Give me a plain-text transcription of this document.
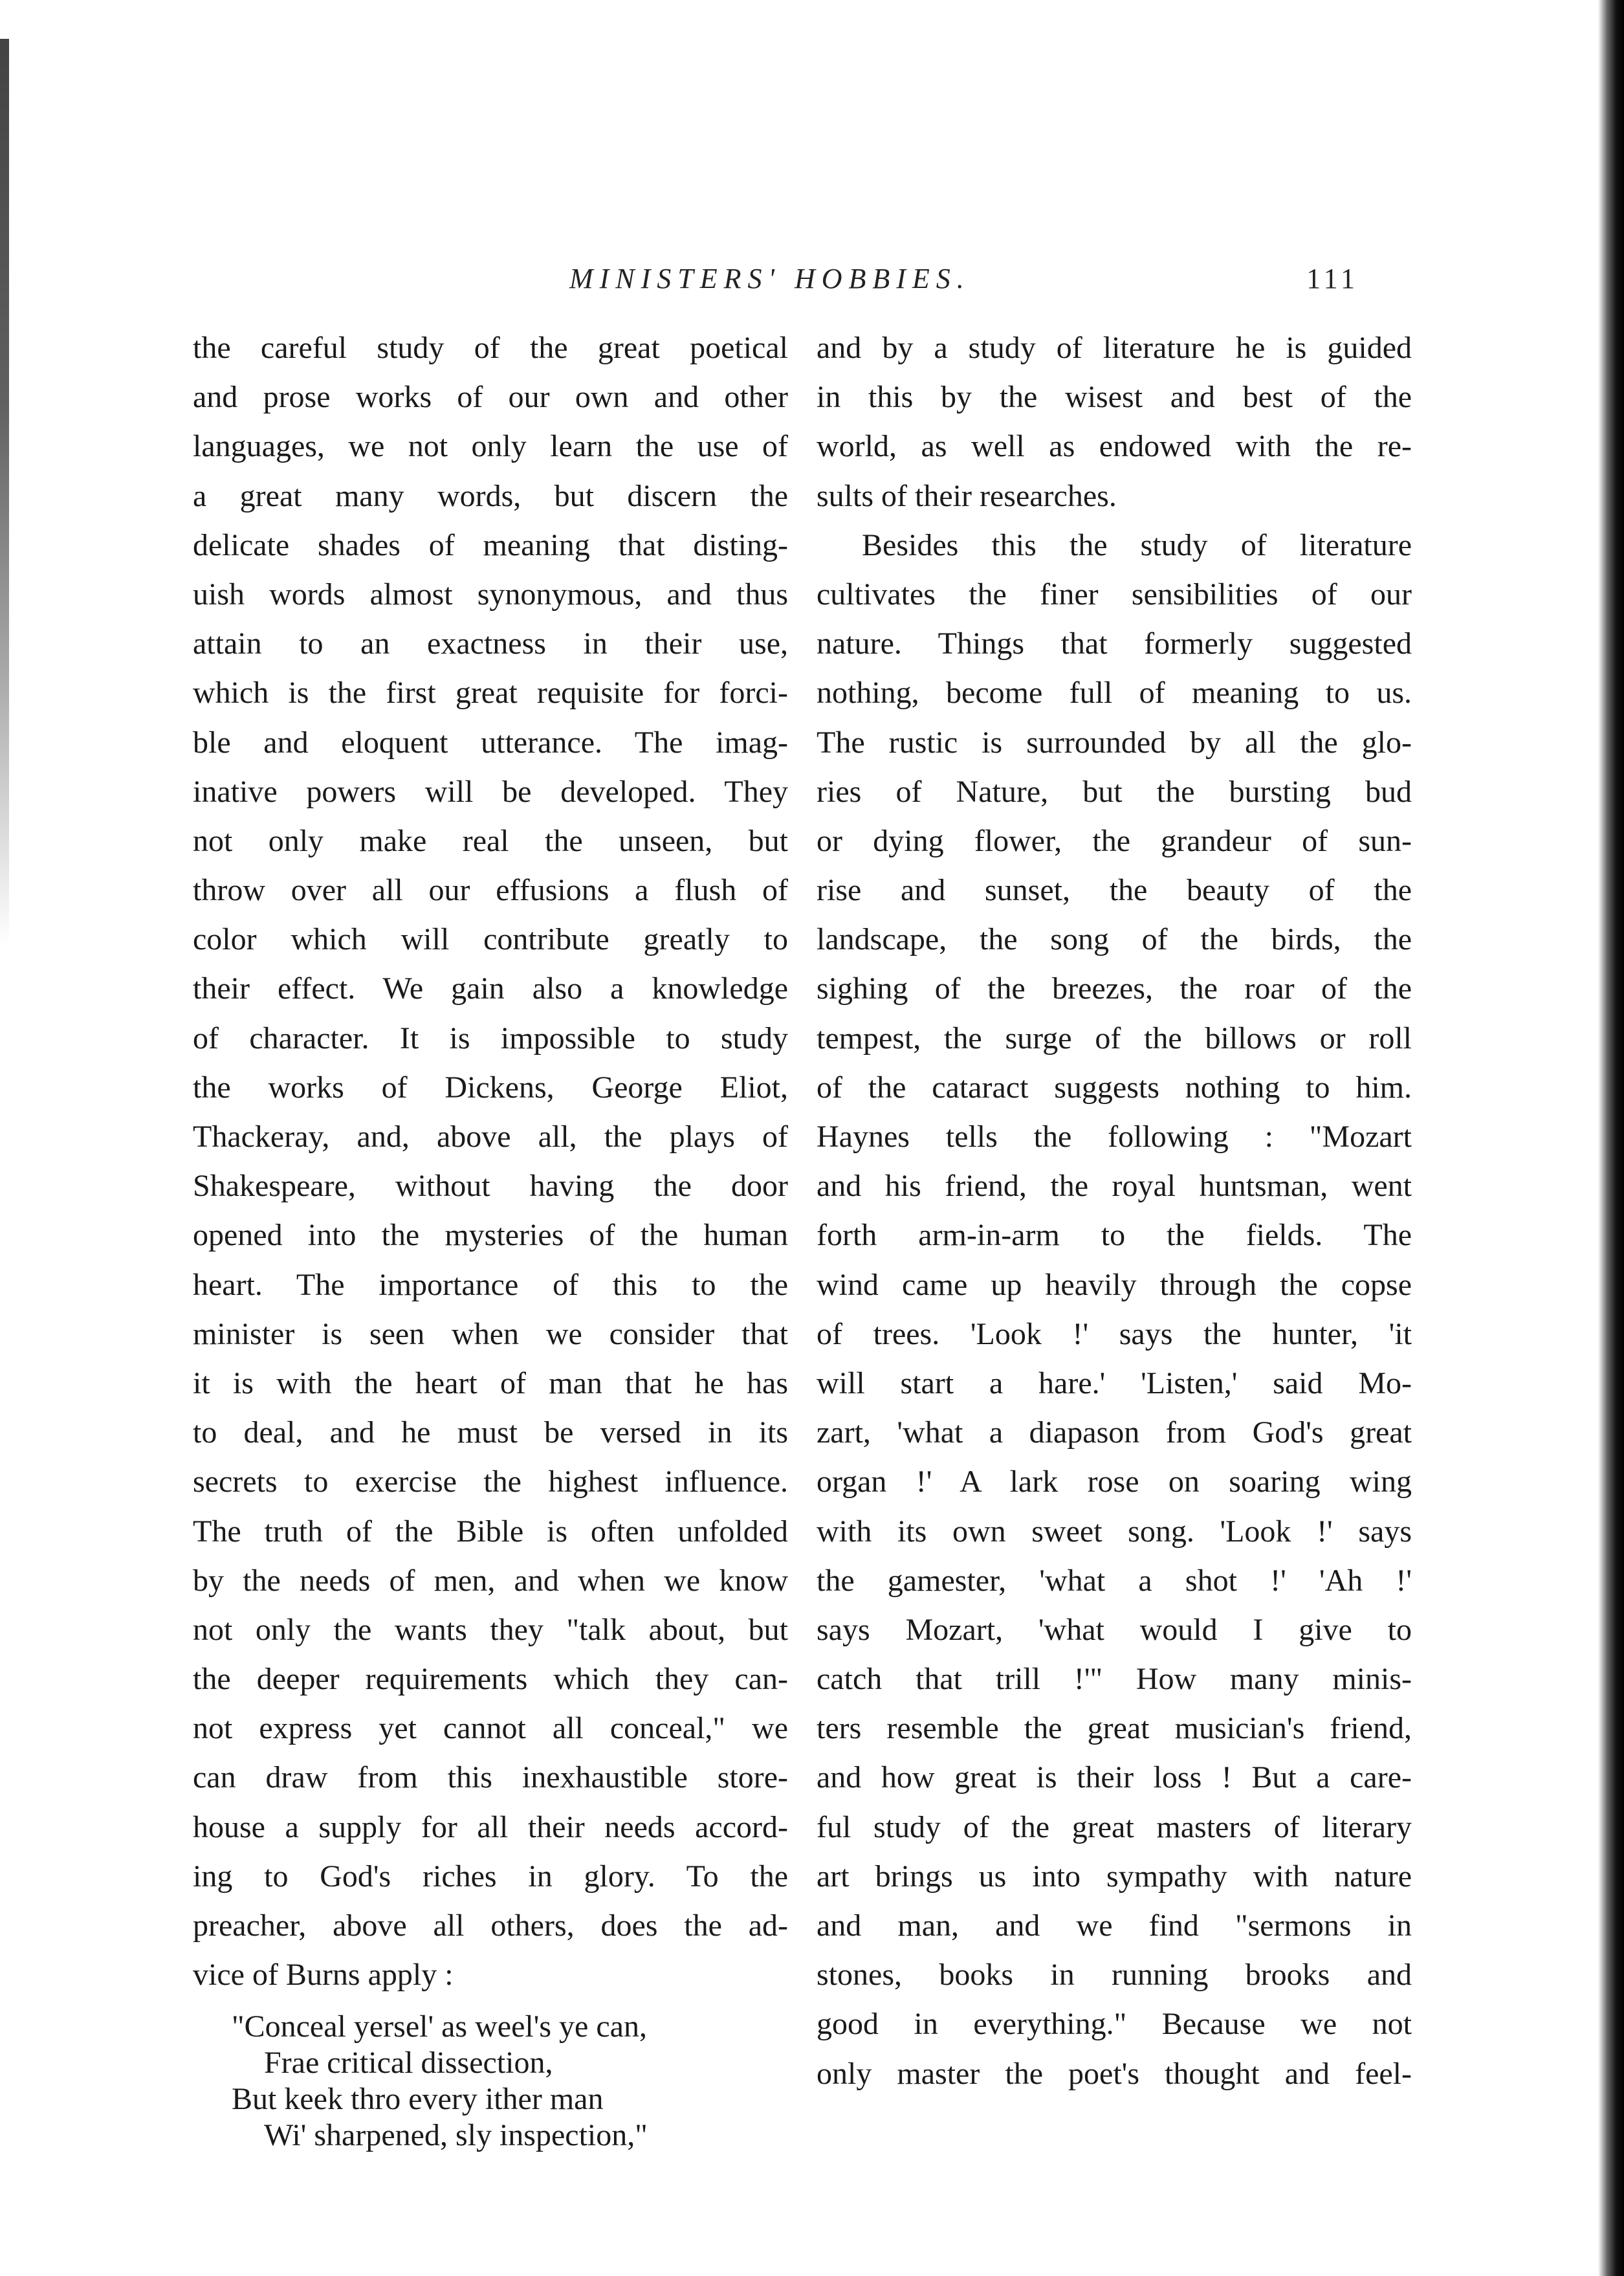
MINISTERS' HOBBIES.	111
the careful study of the great poetical
and prose works of our own and other
languages, we not only learn the use of
a great many words, but discern the
delicate shades of meaning that disting-
uish words almost synonymous, and thus
attain to an exactness in their use,
which is the first great requisite for forci-
ble and eloquent utterance. The imag-
inative powers will be developed. They
not only make real the unseen, but
throw over all our effusions a flush of
color which will contribute greatly to
their effect. We gain also a knowledge
of character. It is impossible to study
the works of Dickens, George Eliot,
Thackeray, and, above all, the plays of
Shakespeare, without having the door
opened into the mysteries of the human
heart. The importance of this to the
minister is seen when we consider that
it is with the heart of man that he has
to deal, and he must be versed in its
secrets to exercise the highest influence.
The truth of the Bible is often unfolded
by the needs of men, and when we know
not only the wants they "talk about, but
the deeper requirements which they can-
not express yet cannot all conceal," we
can draw from this inexhaustible store-
house a supply for all their needs accord-
ing to God's riches in glory. To the
preacher, above all others, does the ad-
vice of Burns apply :
"Conceal yersel' as weel's ye can,
Frae critical dissection,
But keek thro every ither man
Wi' sharpened, sly inspection,"
and by a study of literature he is guided
in this by the wisest and best of the
world, as well as endowed with the re-
sults of their researches.
Besides this the study of literature
cultivates the finer sensibilities of our
nature. Things that formerly suggested
nothing, become full of meaning to us.
The rustic is surrounded by all the glo-
ries of Nature, but the bursting bud
or dying flower, the grandeur of sun-
rise and sunset, the beauty of the
landscape, the song of the birds, the
sighing of the breezes, the roar of the
tempest, the surge of the billows or roll
of the cataract suggests nothing to him.
Haynes tells the following : "Mozart
and his friend, the royal huntsman, went
forth arm-in-arm to the fields. The
wind came up heavily through the copse
of trees. 'Look !' says the hunter, 'it
will start a hare.' 'Listen,' said Mo-
zart, 'what a diapason from God's great
organ !' A lark rose on soaring wing
with its own sweet song. 'Look !' says
the gamester, 'what a shot !' 'Ah !'
says Mozart, 'what would I give to
catch that trill !'" How many minis-
ters resemble the great musician's friend,
and how great is their loss ! But a care-
ful study of the great masters of literary
art brings us into sympathy with nature
and man, and we find "sermons in
stones, books in running brooks and
good in everything." Because we not
only master the poet's thought and feel-
